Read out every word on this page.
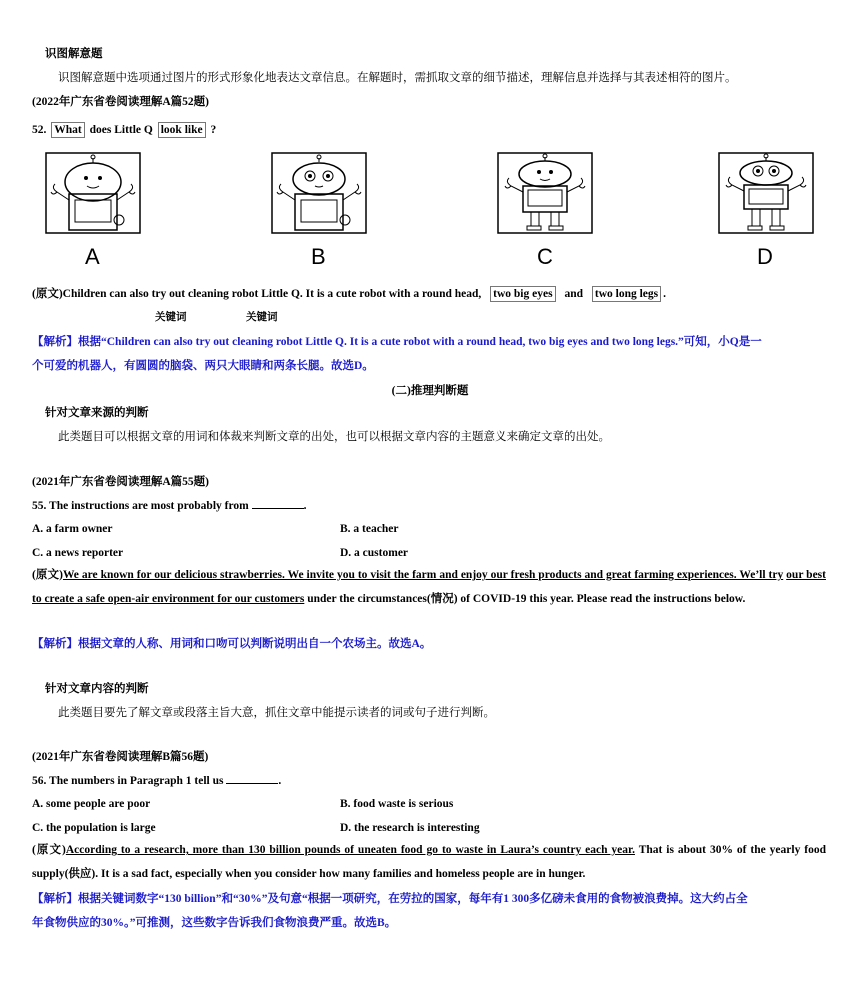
识图解意题
识图解意题中选项通过图片的形式形象化地表达文章信息。在解题时，需抓取文章的细节描述，理解信息并选择与其表述相符的图片。
(2022年广东省卷阅读理解A篇52题)
52. What does Little Q look like ?
A	B	C	D
(原文)Children can also try out cleaning robot Little Q. It is a cute robot with a round head, two big eyes and two long legs .
关键词	关键词
【解析】根据“Children can also try out cleaning robot Little Q. It is a cute robot with a round head, two big eyes and two long legs.”可知，小Q是一
个可爱的机器人，有圆圆的脑袋、两只大眼睛和两条长腿。故选D。
(二)推理判断题
针对文章来源的判断
此类题目可以根据文章的用词和体裁来判断文章的出处，也可以根据文章内容的主题意义来确定文章的出处。
(2021年广东省卷阅读理解A篇55题)
55. The instructions are most probably from	.
A. a farm owner	B. a teacher
C. a news reporter	D. a customer
(原文)We are known for our delicious strawberries. We invite you to visit the farm and enjoy our fresh products and great farming experiences. We’ll try our best to create a safe open-air environment for our customers under the circumstances(情况) of COVID-19 this year. Please read the instructions below.
【解析】根据文章的人称、用词和口吻可以判断说明出自一个农场主。故选A。
针对文章内容的判断
此类题目要先了解文章或段落主旨大意，抓住文章中能提示读者的词或句子进行判断。
(2021年广东省卷阅读理解B篇56题)
56. The numbers in Paragraph 1 tell us	.
A. some people are poor	B. food waste is serious
C. the population is large	D. the research is interesting
(原文)According to a research, more than 130 billion pounds of uneaten food go to waste in Laura’s country each year. That is about 30% of the yearly food supply(供应). It is a sad fact, especially when you consider how many families and homeless people are in hunger.
【解析】根据关键词数字“130 billion”和“30%”及句意“根据一项研究，在劳拉的国家，每年有1 300多亿磅未食用的食物被浪费掉。这大约占全
年食物供应的30%。”可推测，这些数字告诉我们食物浪费严重。故选B。
